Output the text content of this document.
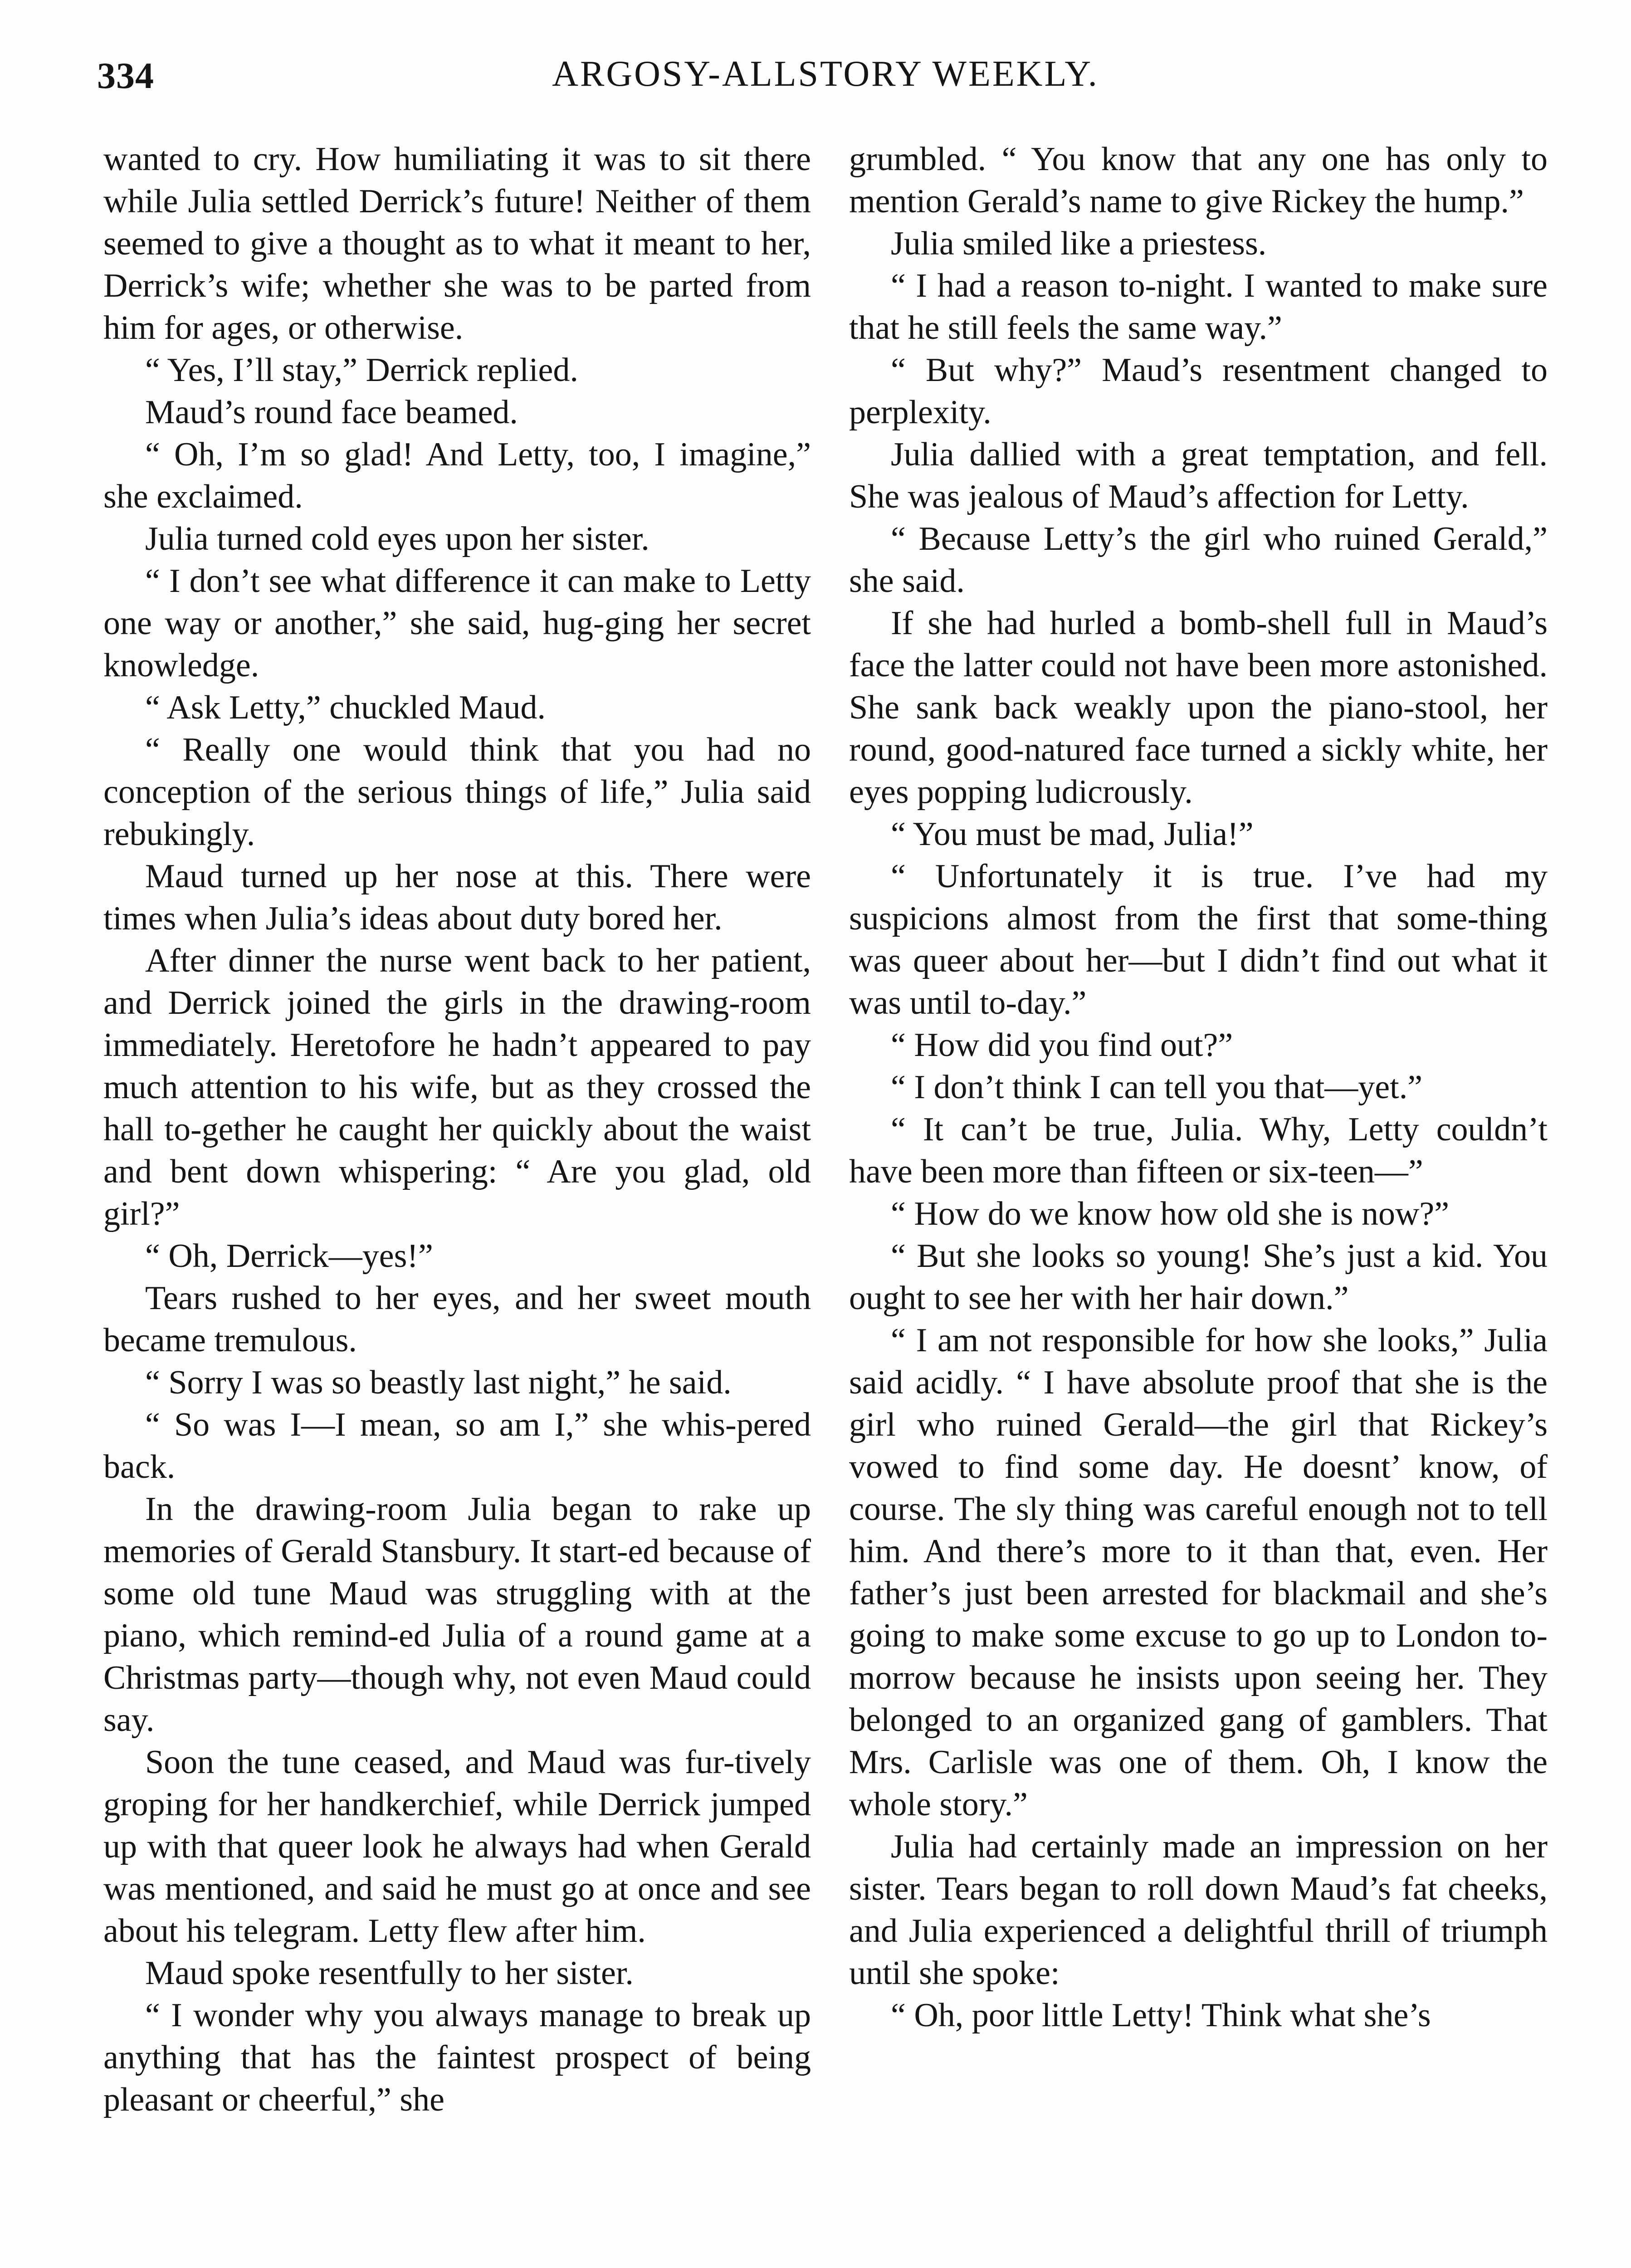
334	ARGOSY-ALLSTORY WEEKLY.

wanted to cry. How humiliating it was to sit there while Julia settled Derrick’s future! Neither of them seemed to give a thought as to what it meant to her, Derrick’s wife; whether she was to be parted from him for ages, or otherwise.

“ Yes, I’ll stay,” Derrick replied.

Maud’s round face beamed.

“ Oh, I’m so glad! And Letty, too, I imagine,” she exclaimed.

Julia turned cold eyes upon her sister.

“ I don’t see what difference it can make to Letty one way or another,” she said, hug-ging her secret knowledge.

“ Ask Letty,” chuckled Maud.

“ Really one would think that you had no conception of the serious things of life,” Julia said rebukingly.

Maud turned up her nose at this. There were times when Julia’s ideas about duty bored her.

After dinner the nurse went back to her patient, and Derrick joined the girls in the drawing-room immediately. Heretofore he hadn’t appeared to pay much attention to his wife, but as they crossed the hall to-gether he caught her quickly about the waist and bent down whispering: “ Are you glad, old girl?”

“ Oh, Derrick—yes!”

Tears rushed to her eyes, and her sweet mouth became tremulous.

“ Sorry I was so beastly last night,” he said.

“ So was I—I mean, so am I,” she whis-pered back.

In the drawing-room Julia began to rake up memories of Gerald Stansbury. It start-ed because of some old tune Maud was struggling with at the piano, which remind-ed Julia of a round game at a Christmas party—though why, not even Maud could say.

Soon the tune ceased, and Maud was fur-tively groping for her handkerchief, while Derrick jumped up with that queer look he always had when Gerald was mentioned, and said he must go at once and see about his telegram. Letty flew after him.

Maud spoke resentfully to her sister.

“ I wonder why you always manage to break up anything that has the faintest prospect of being pleasant or cheerful,” she

grumbled. “ You know that any one has only to mention Gerald’s name to give Rickey the hump.”

Julia smiled like a priestess.

“ I had a reason to-night. I wanted to make sure that he still feels the same way.”

“ But why?” Maud’s resentment changed to perplexity.

Julia dallied with a great temptation, and fell. She was jealous of Maud’s affection for Letty.

“ Because Letty’s the girl who ruined Gerald,” she said.

If she had hurled a bomb-shell full in Maud’s face the latter could not have been more astonished. She sank back weakly upon the piano-stool, her round, good-natured face turned a sickly white, her eyes popping ludicrously.

“ You must be mad, Julia!”

“ Unfortunately it is true. I’ve had my suspicions almost from the first that some-thing was queer about her—but I didn’t find out what it was until to-day.”

“ How did you find out?”

“ I don’t think I can tell you that—yet.”

“ It can’t be true, Julia. Why, Letty couldn’t have been more than fifteen or six-teen—”

“ How do we know how old she is now?”

“ But she looks so young! She’s just a kid. You ought to see her with her hair down.”

“ I am not responsible for how she looks,” Julia said acidly. “ I have absolute proof that she is the girl who ruined Gerald—the girl that Rickey’s vowed to find some day. He doesnt’ know, of course. The sly thing was careful enough not to tell him. And there’s more to it than that, even. Her father’s just been arrested for blackmail and she’s going to make some excuse to go up to London to-morrow because he insists upon seeing her. They belonged to an organized gang of gamblers. That Mrs. Carlisle was one of them. Oh, I know the whole story.”

Julia had certainly made an impression on her sister. Tears began to roll down Maud’s fat cheeks, and Julia experienced a delightful thrill of triumph until she spoke:

“ Oh, poor little Letty! Think what she’s
